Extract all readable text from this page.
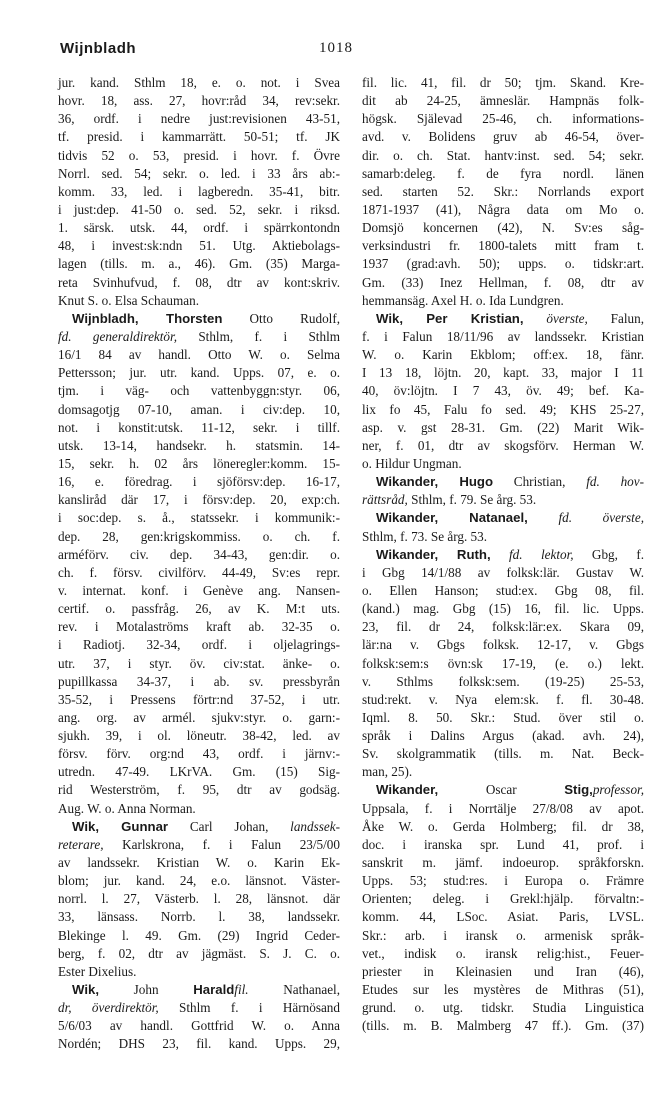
Wijnbladh	1018
jur. kand. Sthlm 18, e. o. not. i Svea
hovr. 18, ass. 27, hovr:råd 34, rev:sekr.
36, ordf. i nedre just:revisionen 43-51,
tf. presid. i kammarrätt. 50-51; tf. JK
tidvis 52 o. 53, presid. i hovr. f. Övre
Norrl. sed. 54; sekr. o. led. i 33 års ab:-
komm. 33, led. i lagberedn. 35-41, bitr.
i just:dep. 41-50 o. sed. 52, sekr. i riksd.
1. särsk. utsk. 44, ordf. i spärrkontondn
48, i invest:sk:ndn 51. Utg. Aktiebolags-
lagen (tills. m. a., 46). Gm. (35) Marga-
reta Svinhufvud, f. 08, dtr av kont:skriv.
Knut S. o. Elsa Schauman.
Wijnbladh, Thorsten Otto Rudolf,
fd. generaldirektör, Sthlm, f. i Sthlm
16/1 84 av handl. Otto W. o. Selma
Pettersson; jur. utr. kand. Upps. 07, e. o.
tjm. i väg- och vattenbyggn:styr. 06,
domsagotjg 07-10, aman. i civ:dep. 10,
not. i konstit:utsk. 11-12, sekr. i tillf.
utsk. 13-14, handsekr. h. statsmin. 14-
15, sekr. h. 02 års löneregler:komm. 15-
16, e. föredrag. i sjöförsv:dep. 16-17,
kansliråd där 17, i försv:dep. 20, exp:ch.
i soc:dep. s. å., statssekr. i kommunik:-
dep. 28, gen:krigskommiss. o. ch. f.
arméförv. civ. dep. 34-43, gen:dir. o.
ch. f. försv. civilförv. 44-49, Sv:es repr.
v. internat. konf. i Genève ang. Nansen-
certif. o. passfråg. 26, av K. M:t uts.
rev. i Motalaströms kraft ab. 32-35 o.
i Radiotj. 32-34, ordf. i oljelagrings-
utr. 37, i styr. öv. civ:stat. änke- o.
pupillkassa 34-37, i ab. sv. pressbyrån
35-52, i Pressens förtr:nd 37-52, i utr.
ang. org. av armél. sjukv:styr. o. garn:-
sjukh. 39, i ol. löneutr. 38-42, led. av
försv. förv. org:nd 43, ordf. i järnv:-
utredn. 47-49. LKrVA. Gm. (15) Sig-
rid Westerström, f. 95, dtr av godsäg.
Aug. W. o. Anna Norman.
Wik, Gunnar Carl Johan, landssek-
reterare, Karlskrona, f. i Falun 23/5/00
av landssekr. Kristian W. o. Karin Ek-
blom; jur. kand. 24, e.o. länsnot. Väster-
norrl. l. 27, Västerb. l. 28, länsnot. där
33, länsass. Norrb. l. 38, landssekr.
Blekinge l. 49. Gm. (29) Ingrid Ceder-
berg, f. 02, dtr av jägmäst. S. J. C. o.
Ester Dixelius.
Wik, John Haraldfil. Nathanael,
dr, överdirektör, Sthlm f. i Härnösand
5/6/03 av handl. Gottfrid W. o. Anna
Nordén; DHS 23, fil. kand. Upps. 29,
fil. lic. 41, fil. dr 50; tjm. Skand. Kre-
dit ab 24-25, ämneslär. Hampnäs folk-
högsk. Själevad 25-46, ch. informations-
avd. v. Bolidens gruv ab 46-54, över-
dir. o. ch. Stat. hantv:inst. sed. 54; sekr.
samarb:deleg. f. de fyra nordl. länen
sed. starten 52. Skr.: Norrlands export
1871-1937 (41), Några data om Mo o.
Domsjö koncernen (42), N. Sv:es såg-
verksindustri fr. 1800-talets mitt fram t.
1937 (grad:avh. 50); upps. o. tidskr:art.
Gm. (33) Inez Hellman, f. 08, dtr av
hemmansäg. Axel H. o. Ida Lundgren.
Wik, Per Kristian, överste, Falun,
f. i Falun 18/11/96 av landssekr. Kristian
W. o. Karin Ekblom; off:ex. 18, fänr.
I 13 18, löjtn. 20, kapt. 33, major I 11
40, öv:löjtn. I 7 43, öv. 49; bef. Ka-
lix fo 45, Falu fo sed. 49; KHS 25-27,
asp. v. gst 28-31. Gm. (22) Marit Wik-
ner, f. 01, dtr av skogsförv. Herman W.
o. Hildur Ungman.
Wikander, Hugo Christian, fd. hov-
rättsråd, Sthlm, f. 79. Se årg. 53.
Wikander, Natanael, fd. överste,
Sthlm, f. 73. Se årg. 53.
Wikander, Ruth, fd. lektor, Gbg, f.
i Gbg 14/1/88 av folksk:lär. Gustav W.
o. Ellen Hanson; stud:ex. Gbg 08, fil.
(kand.) mag. Gbg (15) 16, fil. lic. Upps.
23, fil. dr 24, folksk:lär:ex. Skara 09,
lär:na v. Gbgs folksk. 12-17, v. Gbgs
folksk:sem:s övn:sk 17-19, (e. o.) lekt.
v. Sthlms folksk:sem. (19-25) 25-53,
stud:rekt. v. Nya elem:sk. f. fl. 30-48.
Iqml. 8. 50. Skr.: Stud. över stil o.
språk i Dalins Argus (akad. avh. 24),
Sv. skolgrammatik (tills. m. Nat. Beck-
man, 25).
Wikander, Oscar Stig,professor,
Uppsala, f. i Norrtälje 27/8/08 av apot.
Åke W. o. Gerda Holmberg; fil. dr 38,
doc. i iranska spr. Lund 41, prof. i
sanskrit m. jämf. indoeurop. språkforskn.
Upps. 53; stud:res. i Europa o. Främre
Orienten; deleg. i Grekl:hjälp. förvaltn:-
komm. 44, LSoc. Asiat. Paris, LVSL.
Skr.: arb. i iransk o. armenisk språk-
vet., indisk o. iransk relig:hist., Feuer-
priester in Kleinasien und Iran (46),
Etudes sur les mystères de Mithras (51),
grund. o. utg. tidskr. Studia Linguistica
(tills. m. B. Malmberg 47 ff.). Gm. (37)
